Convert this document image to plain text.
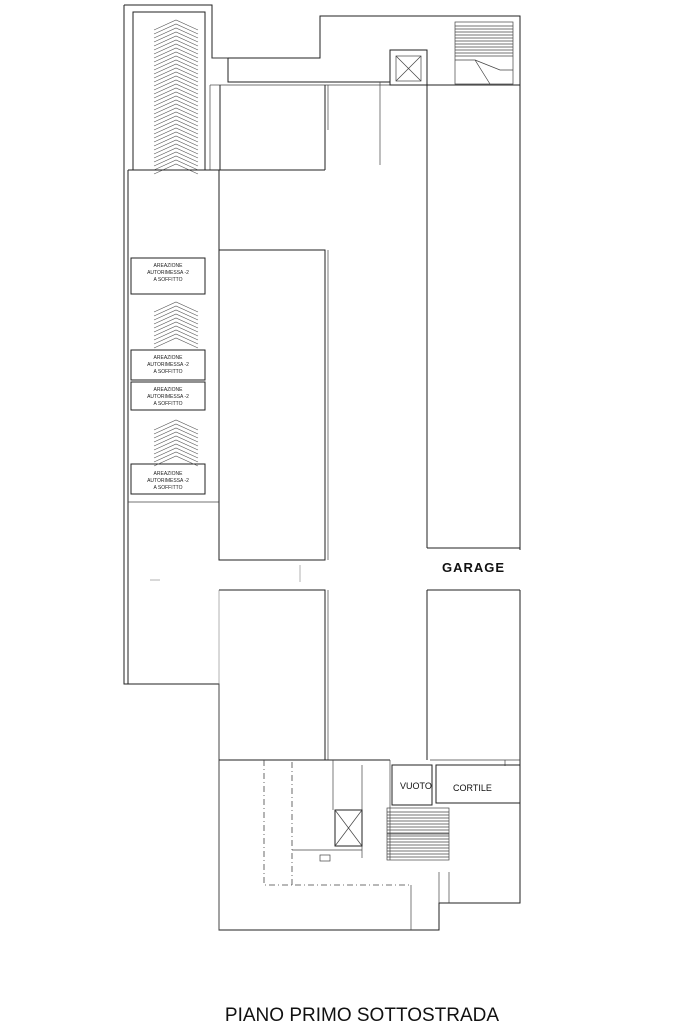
AREAZIONE
AUTORIMESSA -2
A SOFFITTO
AREAZIONE
AUTORIMESSA -2
A SOFFITTO
AREAZIONE
AUTORIMESSA -2
A SOFFITTO
AREAZIONE
AUTORIMESSA -2
A SOFFITTO
GARAGE
VUOTO CORTILE
PIANO PRIMO SOTTOSTRADA
